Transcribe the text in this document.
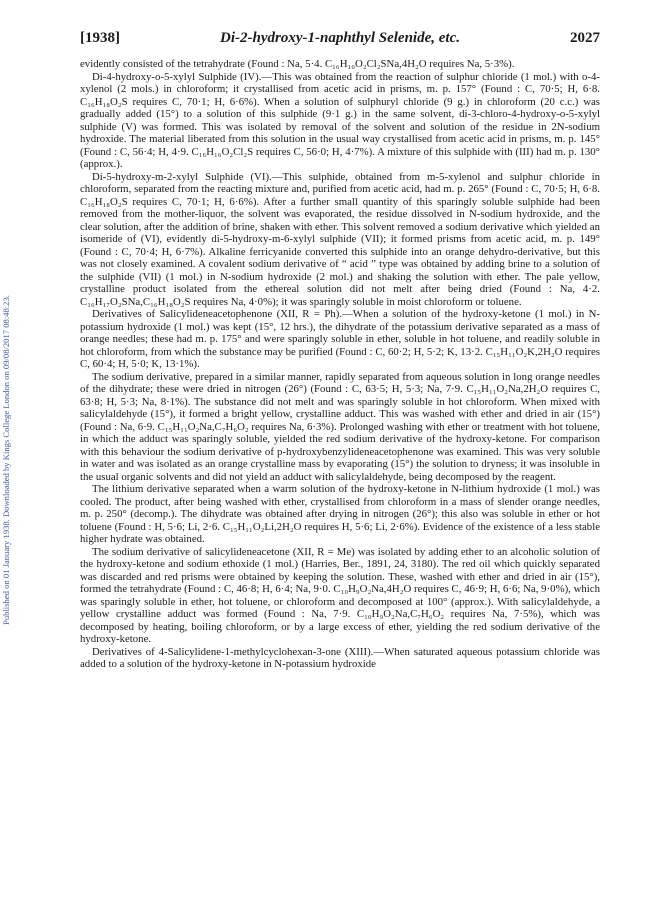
[1938]	Di-2-hydroxy-1-naphthyl Selenide, etc.	2027
Published on 01 January 1938. Downloaded by Kings College London on 09/08/2017 08:48:23.

evidently consisted of the tetrahydrate (Found : Na, 5·4. C₁₆H₁₀O₂Cl₂SNa,4H₂O requires Na, 5·3%).

Di-4-hydroxy-o-5-xylyl Sulphide (IV).—This was obtained from the reaction of sulphur chloride (1 mol.) with o-4-xylenol (2 mols.) in chloroform; it crystallised from acetic acid in prisms, m. p. 157° (Found : C, 70·5; H, 6·8. C₁₆H₁₈O₂S requires C, 70·1; H, 6·6%). When a solution of sulphuryl chloride (9 g.) in chloroform (20 c.c.) was gradually added (15°) to a solution of this sulphide (9·1 g.) in the same solvent, di-3-chloro-4-hydroxy-o-5-xylyl sulphide (V) was formed. This was isolated by removal of the solvent and solution of the residue in 2N-sodium hydroxide. The material liberated from this solution in the usual way crystallised from acetic acid in prisms, m. p. 145° (Found : C, 56·4; H, 4·9. C₁₆H₁₆O₂Cl₂S requires C, 56·0; H, 4·7%). A mixture of this sulphide with (III) had m. p. 130° (approx.).

Di-5-hydroxy-m-2-xylyl Sulphide (VI).—This sulphide, obtained from m-5-xylenol and sulphur chloride in chloroform, separated from the reacting mixture and, purified from acetic acid, had m. p. 265° (Found : C, 70·5; H, 6·8. C₁₆H₁₈O₂S requires C, 70·1; H, 6·6%). After a further small quantity of this sparingly soluble sulphide had been removed from the mother-liquor, the solvent was evaporated, the residue dissolved in N-sodium hydroxide, and the clear solution, after the addition of brine, shaken with ether. This solvent removed a sodium derivative which yielded an isomeride of (VI), evidently di-5-hydroxy-m-6-xylyl sulphide (VII); it formed prisms from acetic acid, m. p. 149° (Found : C, 70·4; H, 6·7%). Alkaline ferricyanide converted this sulphide into an orange dehydro-derivative, but this was not closely examined. A covalent sodium derivative of “ acid ” type was obtained by adding brine to a solution of the sulphide (VII) (1 mol.) in N-sodium hydroxide (2 mol.) and shaking the solution with ether. The pale yellow, crystalline product isolated from the ethereal solution did not melt after being dried (Found : Na, 4·2. C₁₆H₁₇O₂SNa,C₁₆H₁₈O₂S requires Na, 4·0%); it was sparingly soluble in moist chloroform or toluene.

Derivatives of Salicylideneacetophenone (XII, R = Ph).—When a solution of the hydroxy-ketone (1 mol.) in N-potassium hydroxide (1 mol.) was kept (15°, 12 hrs.), the dihydrate of the potassium derivative separated as a mass of orange needles; these had m. p. 175° and were sparingly soluble in ether, soluble in hot toluene, and readily soluble in hot chloroform, from which the substance may be purified (Found : C, 60·2; H, 5·2; K, 13·2. C₁₅H₁₁O₂K,2H₂O requires C, 60·4; H, 5·0; K, 13·1%).

The sodium derivative, prepared in a similar manner, rapidly separated from aqueous solution in long orange needles of the dihydrate; these were dried in nitrogen (26°) (Found : C, 63·5; H, 5·3; Na, 7·9. C₁₅H₁₁O₂Na,2H₂O requires C, 63·8; H, 5·3; Na, 8·1%). The substance did not melt and was sparingly soluble in hot chloroform. When mixed with salicylaldehyde (15°), it formed a bright yellow, crystalline adduct. This was washed with ether and dried in air (15°) (Found : Na, 6·9. C₁₅H₁₁O₂Na,C₇H₆O₂ requires Na, 6·3%). Prolonged washing with ether or treatment with hot toluene, in which the adduct was sparingly soluble, yielded the red sodium derivative of the hydroxy-ketone. For comparison with this behaviour the sodium derivative of p-hydroxybenzylideneacetophenone was examined. This was very soluble in water and was isolated as an orange crystalline mass by evaporating (15°) the solution to dryness; it was insoluble in the usual organic solvents and did not yield an adduct with salicylaldehyde, being decomposed by the reagent.

The lithium derivative separated when a warm solution of the hydroxy-ketone in N-lithium hydroxide (1 mol.) was cooled. The product, after being washed with ether, crystallised from chloroform in a mass of slender orange needles, m. p. 250° (decomp.). The dihydrate was obtained after drying in nitrogen (26°); this also was soluble in ether or hot toluene (Found : H, 5·6; Li, 2·6. C₁₅H₁₁O₂Li,2H₂O requires H, 5·6; Li, 2·6%). Evidence of the existence of a less stable higher hydrate was obtained.

The sodium derivative of salicylideneacetone (XII, R = Me) was isolated by adding ether to an alcoholic solution of the hydroxy-ketone and sodium ethoxide (1 mol.) (Harries, Ber., 1891, 24, 3180). The red oil which quickly separated was discarded and red prisms were obtained by keeping the solution. These, washed with ether and dried in air (15°), formed the tetrahydrate (Found : C, 46·8; H, 6·4; Na, 9·0. C₁₀H₉O₂Na,4H₂O requires C, 46·9; H, 6·6; Na, 9·0%), which was sparingly soluble in ether, hot toluene, or chloroform and decomposed at 100° (approx.). With salicylaldehyde, a yellow crystalline adduct was formed (Found : Na, 7·9. C₁₀H₉O₂Na,C₇H₆O₂ requires Na, 7·5%), which was decomposed by heating, boiling chloroform, or by a large excess of ether, yielding the red sodium derivative of the hydroxy-ketone.

Derivatives of 4-Salicylidene-1-methylcyclohexan-3-one (XIII).—When saturated aqueous potassium chloride was added to a solution of the hydroxy-ketone in N-potassium hydroxide
